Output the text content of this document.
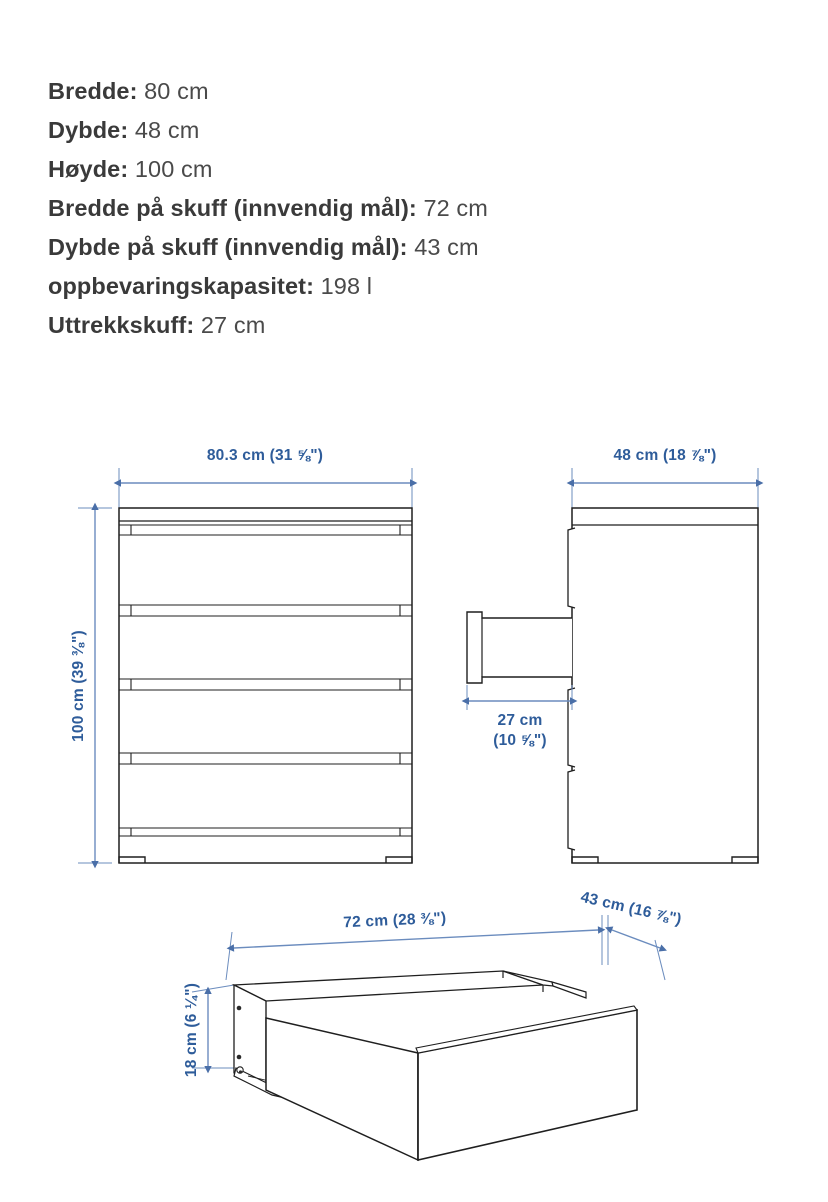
Bredde: 80 cm
Dybde: 48 cm
Høyde: 100 cm
Bredde på skuff (innvendig mål): 72 cm
Dybde på skuff (innvendig mål): 43 cm
oppbevaringskapasitet: 198 l
Uttrekkskuff: 27 cm
80.3 cm (31 ⅝")
100 cm (39 ⅜")
48 cm (18 ⅞")
27 cm
(10 ⅝")
72 cm (28 ⅜")	43 cm (16 ⅞")
18 cm (6 ¼")
